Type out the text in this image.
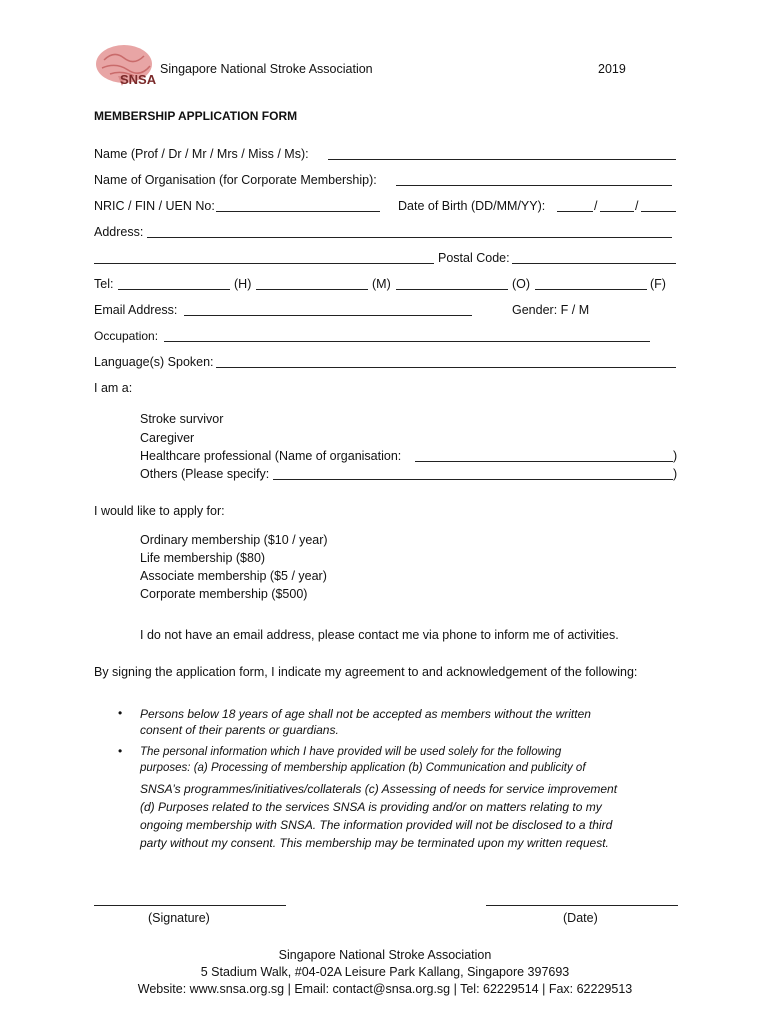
SNSA
Singapore National Stroke Association	2019
MEMBERSHIP APPLICATION FORM
Name (Prof / Dr / Mr / Mrs / Miss / Ms):
Name of Organisation (for Corporate Membership):
NRIC / FIN / UEN No:	Date of Birth (DD/MM/YY):	/	/
Address:
Postal Code:
Tel:	(H)	(M)	(O)	(F)
Email Address:	Gender: F / M
Occupation:
Language(s) Spoken:
I am a:
Stroke survivor
Caregiver
Healthcare professional (Name of organisation:	)
Others (Please specify:	)
I would like to apply for:
Ordinary membership ($10 / year)
Life membership ($80)
Associate membership ($5 / year)
Corporate membership ($500)
I do not have an email address, please contact me via phone to inform me of activities.
By signing the application form, I indicate my agreement to and acknowledgement of the following:
• Persons below 18 years of age shall not be accepted as members without the written
consent of their parents or guardians.
• The personal information which I have provided will be used solely for the following
purposes: (a) Processing of membership application (b) Communication and publicity of
SNSA’s programmes/initiatives/collaterals (c) Assessing of needs for service improvement
(d) Purposes related to the services SNSA is providing and/or on matters relating to my
ongoing membership with SNSA. The information provided will not be disclosed to a third
party without my consent. This membership may be terminated upon my written request.
(Signature)	(Date)
Singapore National Stroke Association
5 Stadium Walk, #04-02A Leisure Park Kallang, Singapore 397693
Website: www.snsa.org.sg | Email: contact@snsa.org.sg | Tel: 62229514 | Fax: 62229513
